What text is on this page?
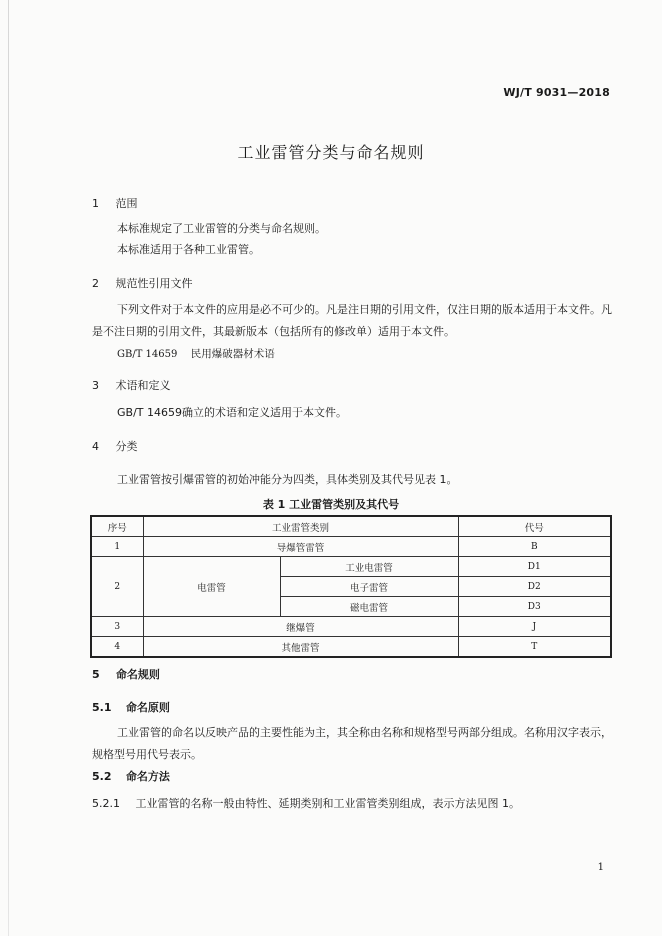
WJ/T 9031—2018
工业雷管分类与命名规则
1 范围
本标准规定了工业雷管的分类与命名规则。
本标准适用于各种工业雷管。
2 规范性引用文件
下列文件对于本文件的应用是必不可少的。凡是注日期的引用文件，仅注日期的版本适用于本文件。凡是不注日期的引用文件，其最新版本（包括所有的修改单）适用于本文件。
GB/T 14659 民用爆破器材术语
3 术语和定义
GB/T 14659确立的术语和定义适用于本文件。
4 分类
工业雷管按引爆雷管的初始冲能分为四类，具体类别及其代号见表 1。
表 1 工业雷管类别及其代号
序号	工业雷管类别		代号
1	导爆管雷管		B
2	电雷管	工业电雷管	D1
		电子雷管	D2
		磁电雷管	D3
3	继爆管		J
4	其他雷管		T
5 命名规则
5.1 命名原则
工业雷管的命名以反映产品的主要性能为主，其全称由名称和规格型号两部分组成。名称用汉字表示，规格型号用代号表示。
5.2 命名方法
5.2.1 工业雷管的名称一般由特性、延期类别和工业雷管类别组成，表示方法见图 1。
1
